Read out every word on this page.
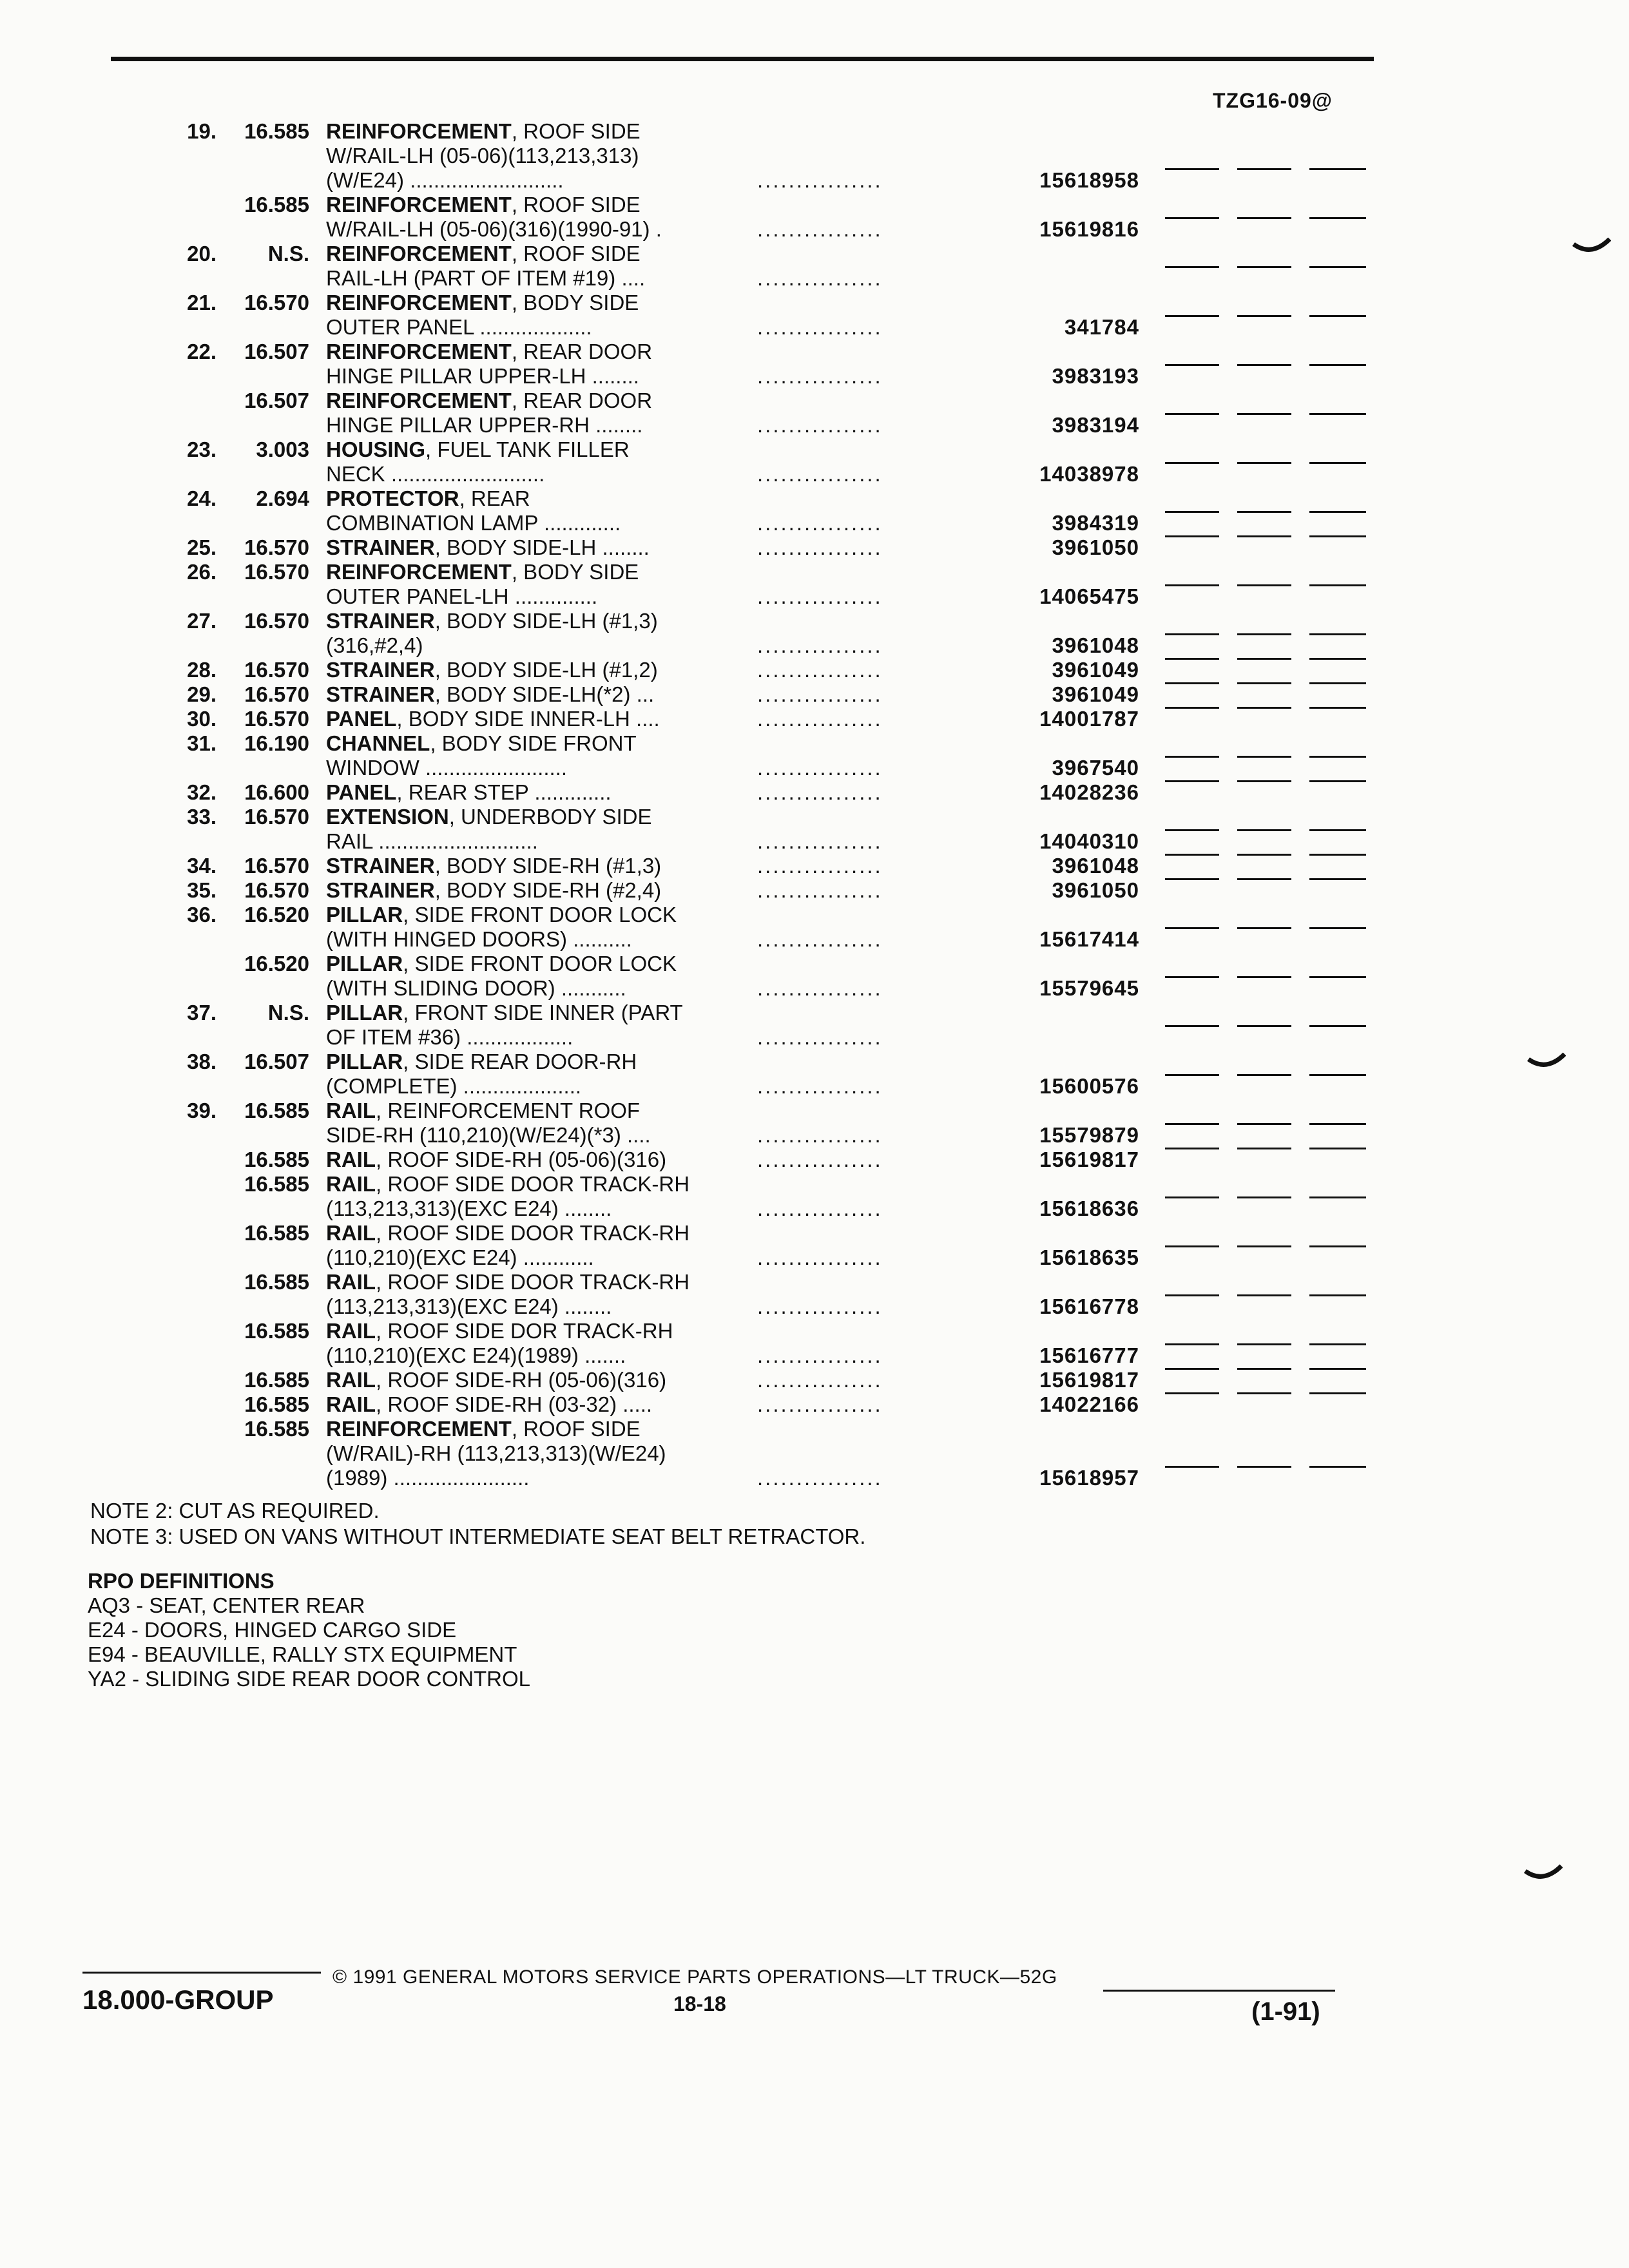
TZG16-09@
19. 16.585 REINFORCEMENT, ROOF SIDE
W/RAIL-LH (05-06)(113,213,313)
(W/E24) ..........................	................	15618958
16.585 REINFORCEMENT, ROOF SIDE
W/RAIL-LH (05-06)(316)(1990-91) .	................	15619816
20. N.S. REINFORCEMENT, ROOF SIDE
RAIL-LH (PART OF ITEM #19) ....	................
21. 16.570 REINFORCEMENT, BODY SIDE
OUTER PANEL ...................	................	341784
22. 16.507 REINFORCEMENT, REAR DOOR
HINGE PILLAR UPPER-LH ........	................	3983193
16.507 REINFORCEMENT, REAR DOOR
HINGE PILLAR UPPER-RH ........	................	3983194
23. 3.003 HOUSING, FUEL TANK FILLER
NECK ..........................	................	14038978
24. 2.694 PROTECTOR, REAR
COMBINATION LAMP .............	................	3984319
25. 16.570 STRAINER, BODY SIDE-LH ........	................	3961050
26. 16.570 REINFORCEMENT, BODY SIDE
OUTER PANEL-LH ..............	................	14065475
27. 16.570 STRAINER, BODY SIDE-LH (#1,3)
(316,#2,4)	................	3961048
28. 16.570 STRAINER, BODY SIDE-LH (#1,2)	................	3961049
29. 16.570 STRAINER, BODY SIDE-LH(*2) ...	................	3961049
30. 16.570 PANEL, BODY SIDE INNER-LH ....	................	14001787
31. 16.190 CHANNEL, BODY SIDE FRONT
WINDOW ........................	................	3967540
32. 16.600 PANEL, REAR STEP .............	................	14028236
33. 16.570 EXTENSION, UNDERBODY SIDE
RAIL ...........................	................	14040310
34. 16.570 STRAINER, BODY SIDE-RH (#1,3)	................	3961048
35. 16.570 STRAINER, BODY SIDE-RH (#2,4)	................	3961050
36. 16.520 PILLAR, SIDE FRONT DOOR LOCK
(WITH HINGED DOORS) ..........	................	15617414
16.520 PILLAR, SIDE FRONT DOOR LOCK
(WITH SLIDING DOOR) ...........	................	15579645
37. N.S. PILLAR, FRONT SIDE INNER (PART
OF ITEM #36) ..................	................
38. 16.507 PILLAR, SIDE REAR DOOR-RH
(COMPLETE) ....................	................	15600576
39. 16.585 RAIL, REINFORCEMENT ROOF
SIDE-RH (110,210)(W/E24)(*3) ....	................	15579879
16.585 RAIL, ROOF SIDE-RH (05-06)(316)	................	15619817
16.585 RAIL, ROOF SIDE DOOR TRACK-RH
(113,213,313)(EXC E24) ........	................	15618636
16.585 RAIL, ROOF SIDE DOOR TRACK-RH
(110,210)(EXC E24) ............	................	15618635
16.585 RAIL, ROOF SIDE DOOR TRACK-RH
(113,213,313)(EXC E24) ........	................	15616778
16.585 RAIL, ROOF SIDE DOR TRACK-RH
(110,210)(EXC E24)(1989) .......	................	15616777
16.585 RAIL, ROOF SIDE-RH (05-06)(316)	................	15619817
16.585 RAIL, ROOF SIDE-RH (03-32) .....	................	14022166
16.585 REINFORCEMENT, ROOF SIDE
(W/RAIL)-RH (113,213,313)(W/E24)
(1989) .......................	................	15618957
NOTE 2: CUT AS REQUIRED.
NOTE 3: USED ON VANS WITHOUT INTERMEDIATE SEAT BELT RETRACTOR.
RPO DEFINITIONS
AQ3 - SEAT, CENTER REAR
E24 - DOORS, HINGED CARGO SIDE
E94 - BEAUVILLE, RALLY STX EQUIPMENT
YA2 - SLIDING SIDE REAR DOOR CONTROL
18.000-GROUP
© 1991 GENERAL MOTORS SERVICE PARTS OPERATIONS—LT TRUCK—52G
18-18	(1-91)
